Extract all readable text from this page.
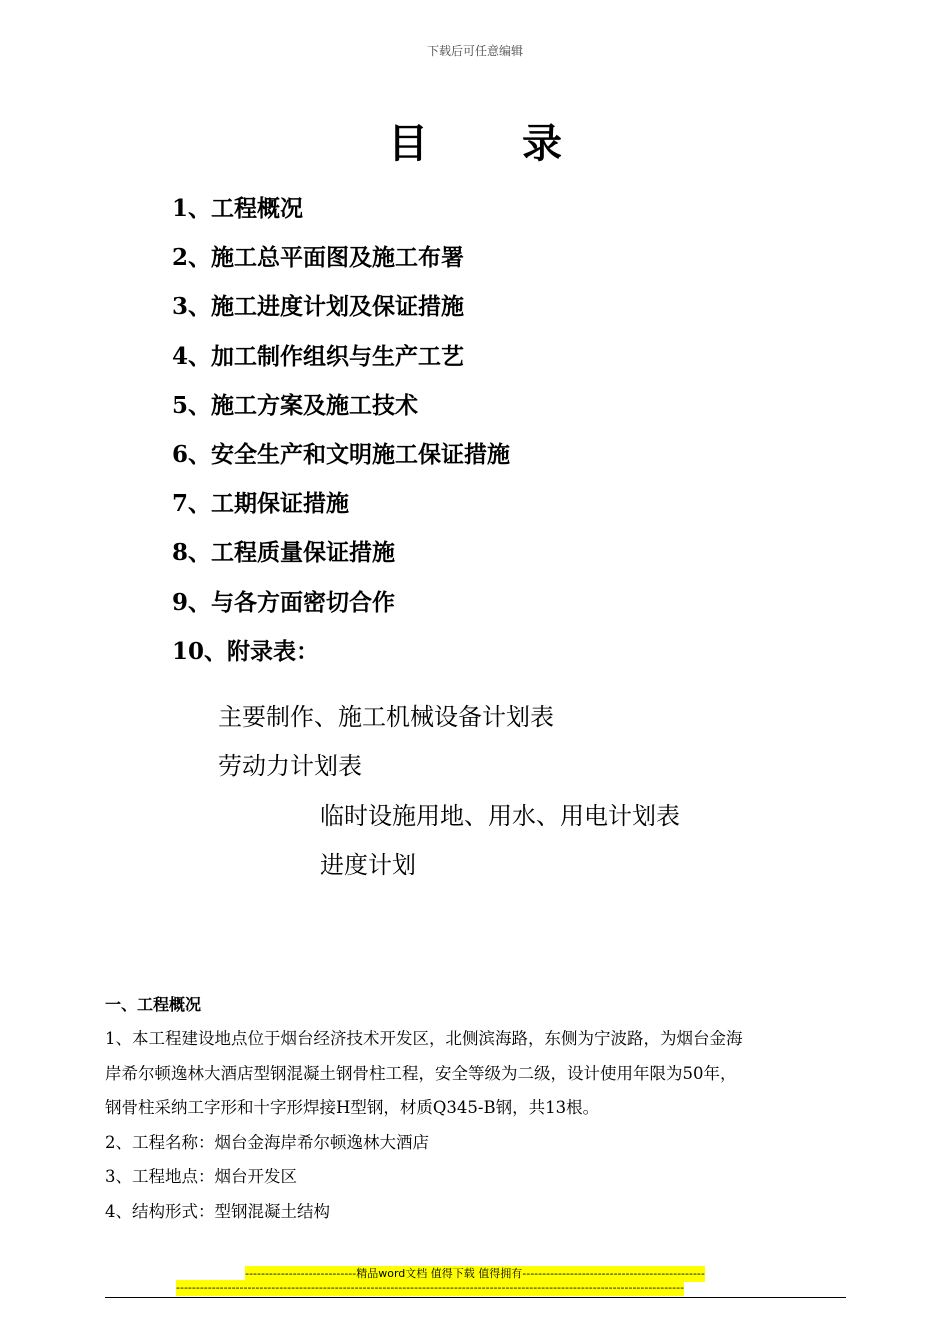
下载后可任意编辑
目 录
1、工程概况
2、施工总平面图及施工布署
3、施工进度计划及保证措施
4、加工制作组织与生产工艺
5、施工方案及施工技术
6、安全生产和文明施工保证措施
7、工期保证措施
8、工程质量保证措施
9、与各方面密切合作
10、附录表：
主要制作、施工机械设备计划表
劳动力计划表
临时设施用地、用水、用电计划表
进度计划
一、工程概况

1、本工程建设地点位于烟台经济技术开发区，北侧滨海路，东侧为宁波路，为烟台金海

岸希尔顿逸林大酒店型钢混凝土钢骨柱工程，安全等级为二级，设计使用年限为50年，

钢骨柱采纳工字形和十字形焊接H型钢，材质Q345-B钢，共13根。

2、工程名称：烟台金海岸希尔顿逸林大酒店

3、工程地点：烟台开发区

4、结构形式：型钢混凝土结构

----------------------------精品word文档 值得下载 值得拥有----------------------------------------------
--------------------------------------------------------------------------------------------------------------------------------
